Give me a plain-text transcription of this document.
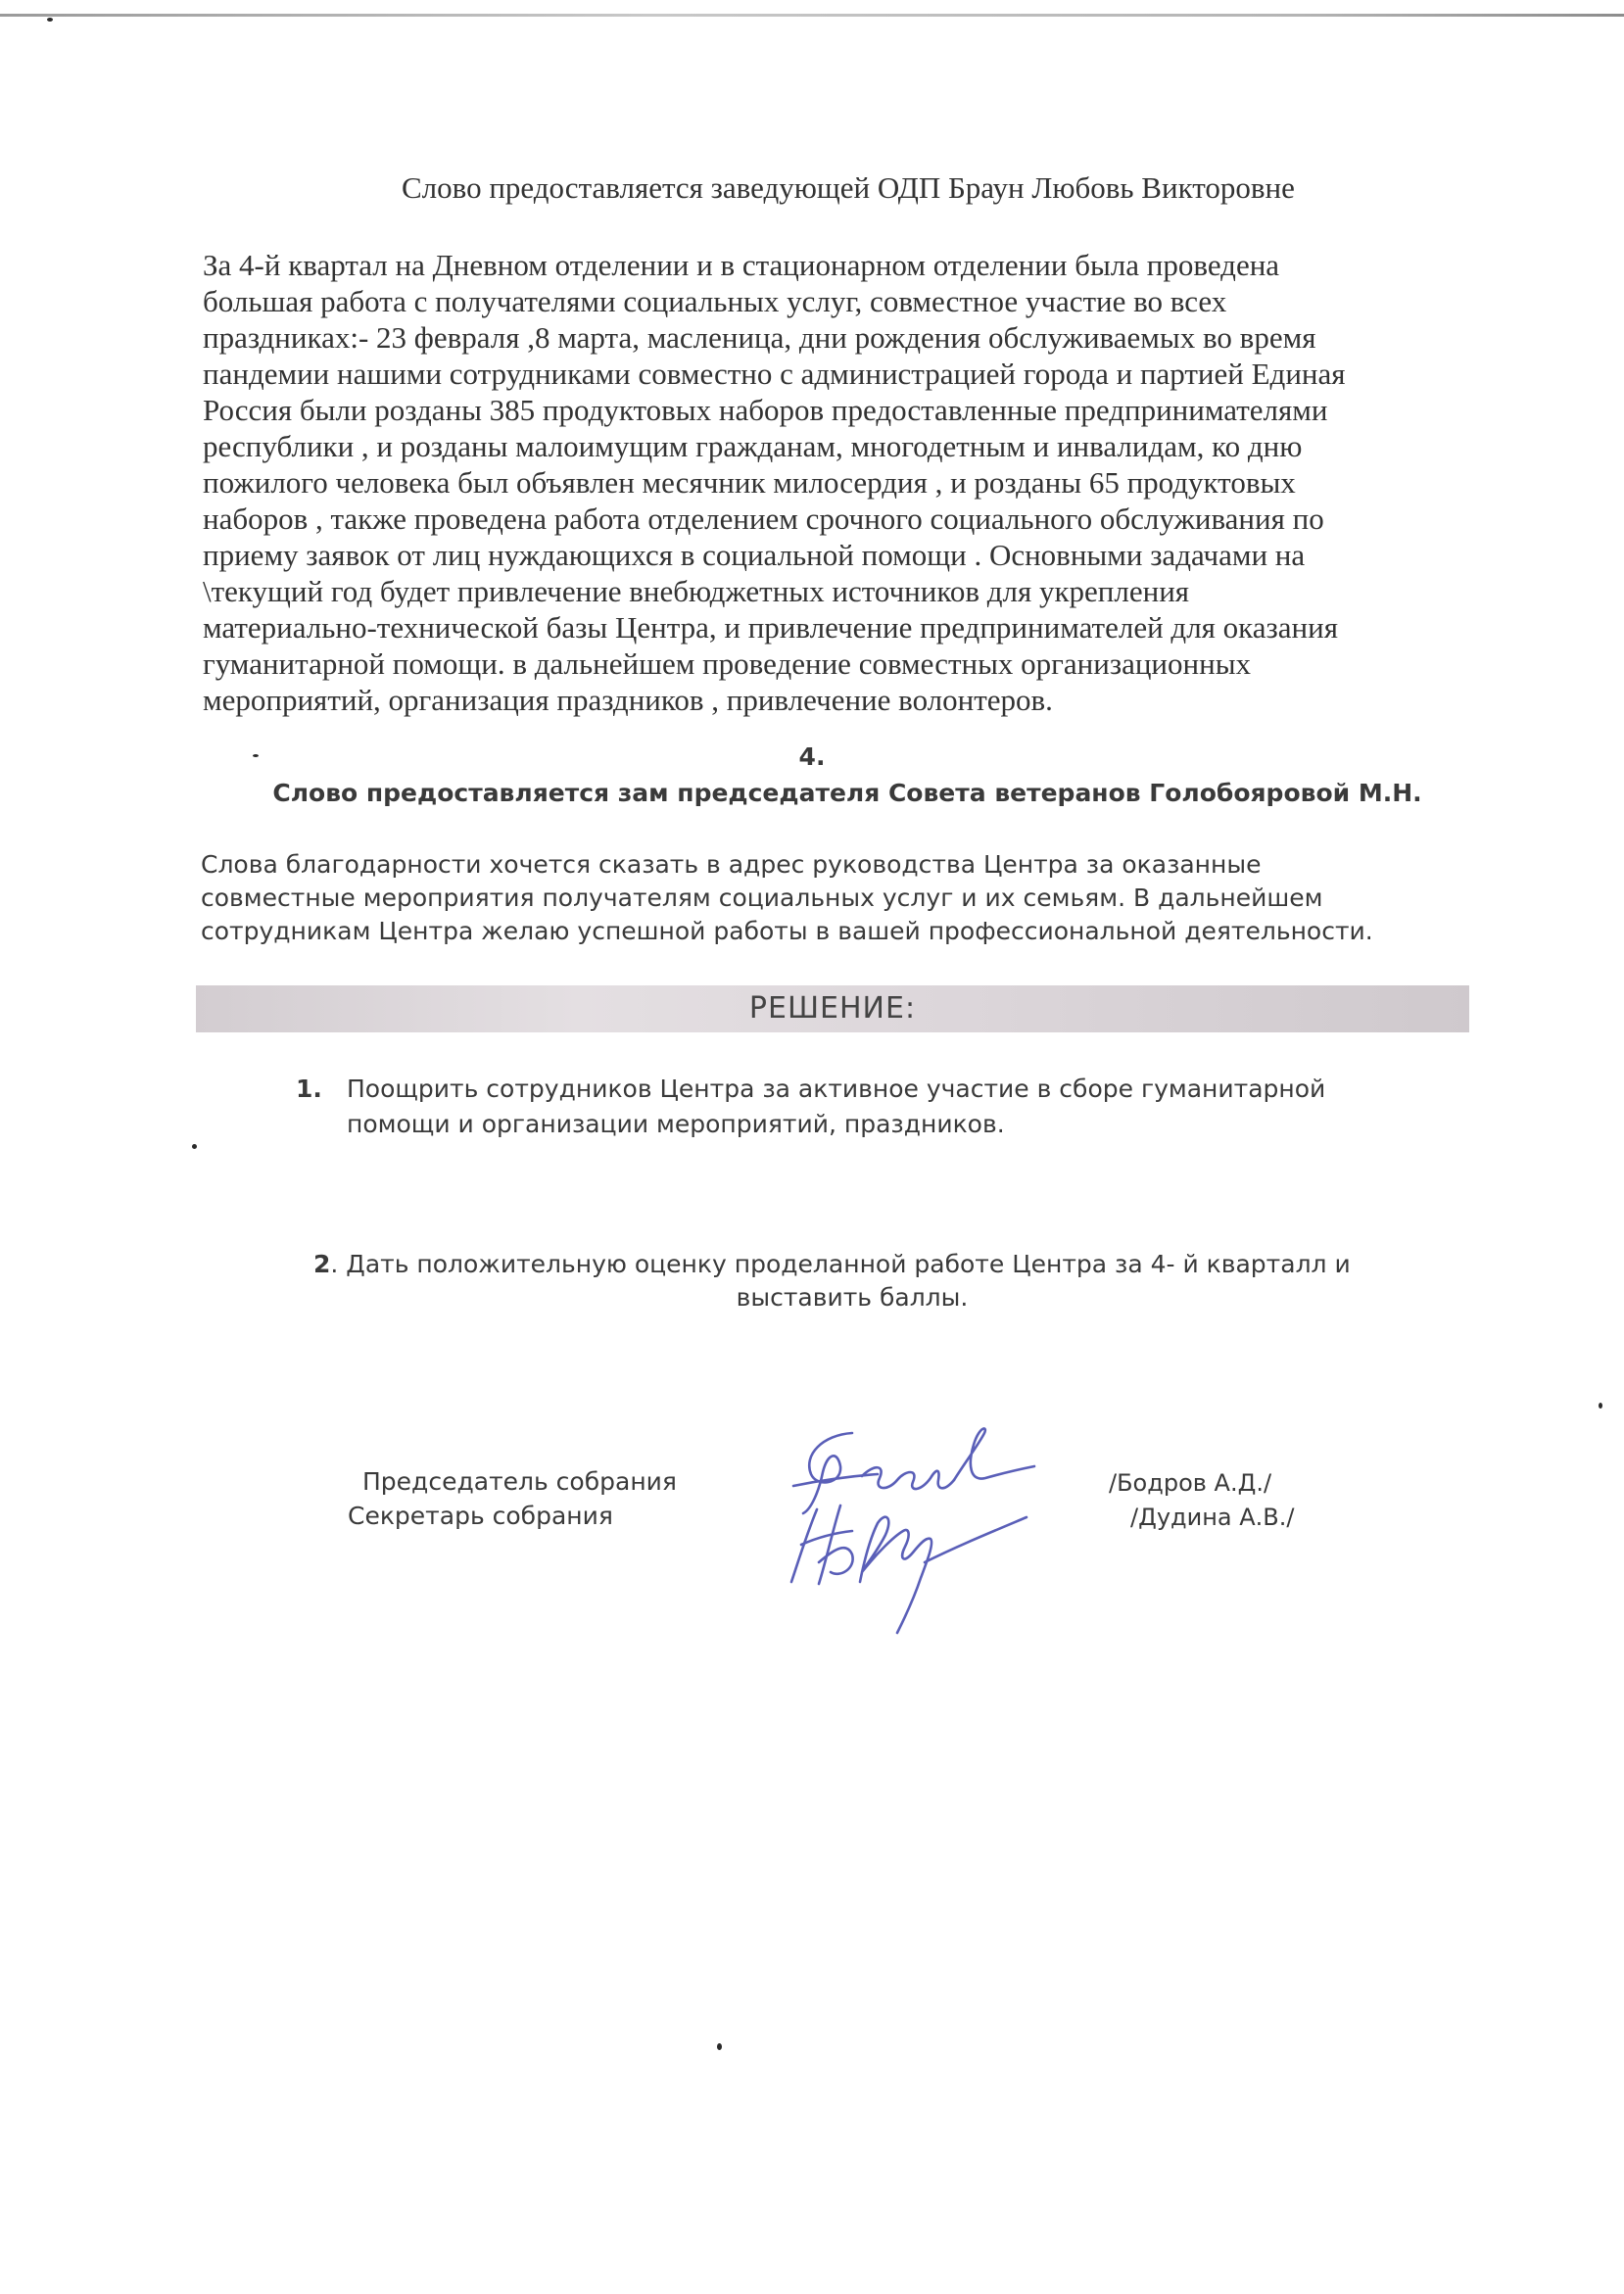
Слово предоставляется заведующей ОДП Браун Любовь Викторовне
За 4-й квартал на Дневном отделении и в стационарном отделении была проведена
большая работа с получателями социальных услуг, совместное участие во всех
праздниках:- 23 февраля ,8 марта, масленица, дни рождения обслуживаемых во время
пандемии нашими сотрудниками совместно с администрацией города и партией Единая
Россия были розданы 385 продуктовых наборов предоставленные предпринимателями
республики , и розданы малоимущим гражданам, многодетным и инвалидам, ко дню
пожилого человека был объявлен месячник милосердия , и розданы 65 продуктовых
наборов , также проведена работа отделением срочного социального обслуживания по
приему заявок от лиц нуждающихся в социальной помощи . Основными задачами на
\текущий год будет привлечение внебюджетных источников для укрепления
материально-технической базы Центра, и привлечение предпринимателей для оказания
гуманитарной помощи. в дальнейшем проведение совместных организационных
мероприятий, организация праздников , привлечение волонтеров.
4.
Слово предоставляется зам председателя Совета ветеранов Голобояровой М.Н.
Слова благодарности хочется сказать в адрес руководства Центра за оказанные
совместные мероприятия получателям социальных услуг и их семьям. В дальнейшем
сотрудникам Центра желаю успешной работы в вашей профессиональной деятельности.
РЕШЕНИЕ:
1. Поощрить сотрудников Центра за активное участие в сборе гуманитарной
помощи и организации мероприятий, праздников.
2. Дать положительную оценку проделанной работе Центра за 4- й кварталл и
выставить баллы.
Председатель собрания
Секретарь собрания
/Бодров А.Д./
/Дудина А.В./
